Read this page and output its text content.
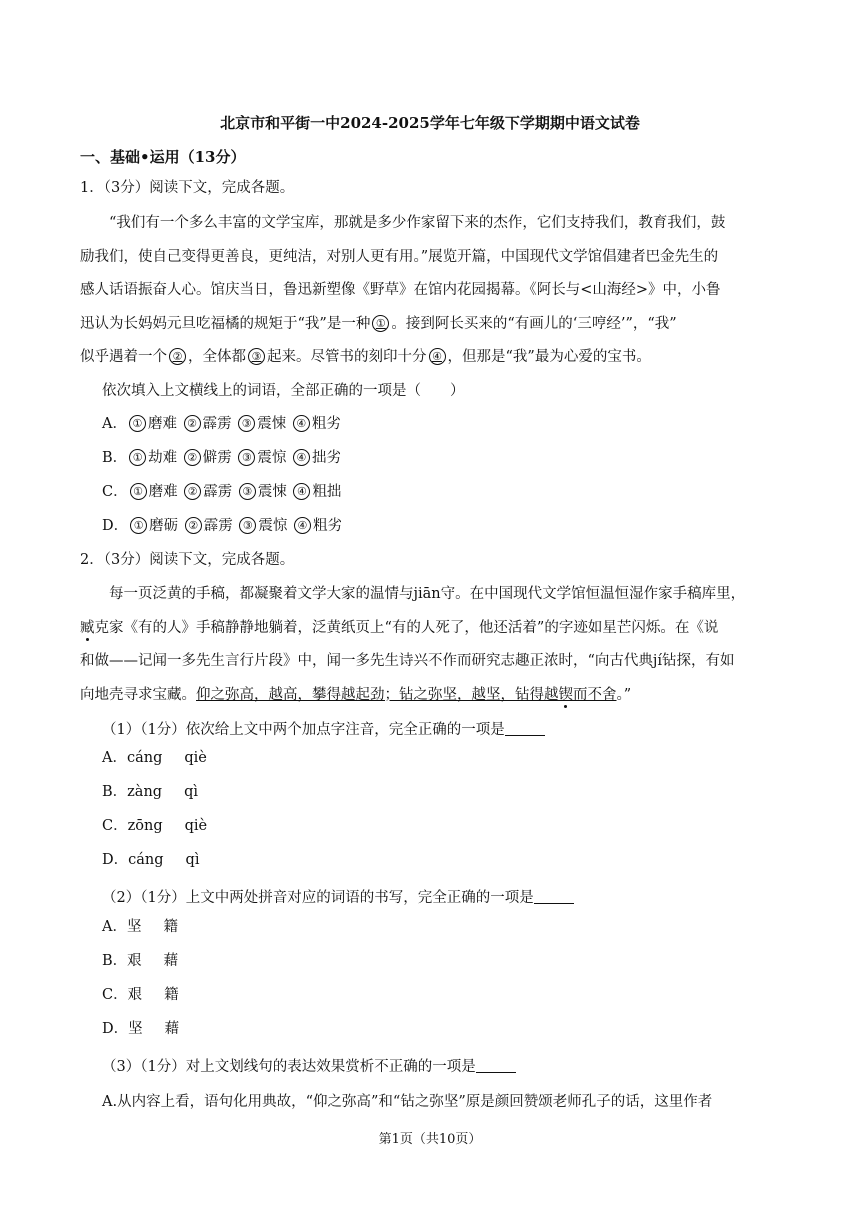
北京市和平街一中2024-2025学年七年级下学期期中语文试卷
一、基础•运用（13分）
1．（3分）阅读下文，完成各题。
“我们有一个多么丰富的文学宝库，那就是多少作家留下来的杰作，它们支持我们，教育我们，鼓
励我们，使自己变得更善良，更纯洁，对别人更有用。”展览开篇，中国现代文学馆倡建者巴金先生的
感人话语振奋人心。馆庆当日，鲁迅新塑像《野草》在馆内花园揭幕。《阿长与<山海经>》中，小鲁
迅认为长妈妈元旦吃福橘的规矩于“我”是一种 ① 。接到阿长买来的“有画儿的‘三哼经’”，“我”
似乎遇着一个 ② ，全体都 ③ 起来。尽管书的刻印十分 ④ ，但那是“我”最为心爱的宝书。
依次填入上文横线上的词语，全部正确的一项是（　　）
A． ① 磨难 ② 霹雳 ③ 震悚 ④ 粗劣
B． ① 劫难 ② 僻雳 ③ 震惊 ④ 拙劣
C． ① 磨难 ② 霹雳 ③ 震悚 ④ 粗拙
D． ① 磨砺 ② 霹雳 ③ 震惊 ④ 粗劣
2．（3分）阅读下文，完成各题。
每一页泛黄的手稿，都凝聚着文学大家的温情与jiān守。在中国现代文学馆恒温恒湿作家手稿库里，
臧克家《有的人》手稿静静地躺着，泛黄纸页上“有的人死了，他还活着”的字迹如星芒闪烁。在《说
和做——记闻一多先生言行片段》中，闻一多先生诗兴不作而研究志趣正浓时，“向古代典jí钻探，有如
向地壳寻求宝藏。仰之弥高，越高，攀得越起劲；钻之弥坚，越坚，钻得越锲而不舍。”
（1）（1分）依次给上文中两个加点字注音，完全正确的一项是
A．cáng qiè
B．zàng qì
C．zōng qiè
D．cáng qì
（2）（1分）上文中两处拼音对应的词语的书写，完全正确的一项是
A．坚 籍
B．艰 藉
C．艰 籍
D．坚 藉
（3）（1分）对上文划线句的表达效果赏析不正确的一项是
A.从内容上看，语句化用典故，“仰之弥高”和“钻之弥坚”原是颜回赞颂老师孔子的话，这里作者
第1页（共10页）
